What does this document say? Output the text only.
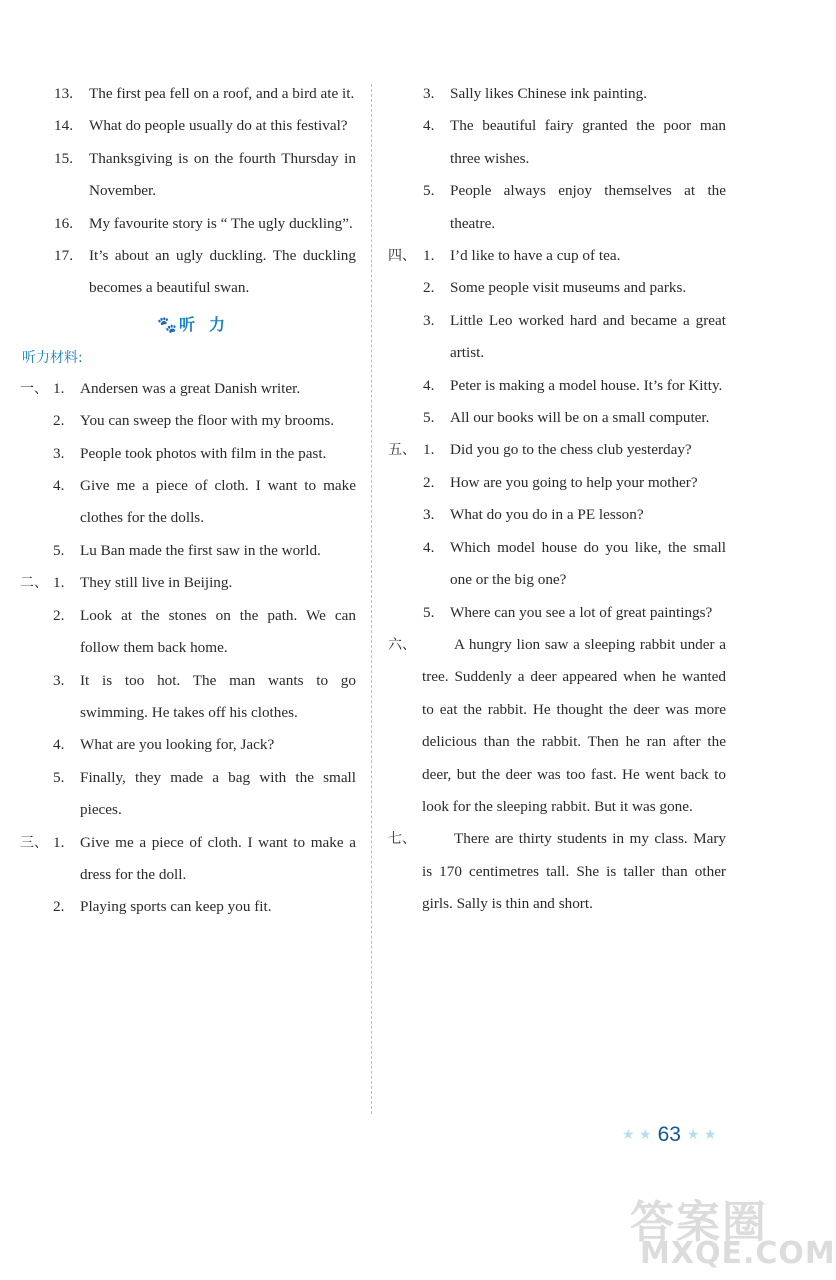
13. The first pea fell on a roof, and a bird ate it.
14. What do people usually do at this festival?
15. Thanksgiving is on the fourth Thursday in November.
16. My favourite story is “ The ugly duckling”.
17. It’s about an ugly duckling. The duckling becomes a beautiful swan.
🐾 听力
听力材料:
一、 1. Andersen was a great Danish writer.
2. You can sweep the floor with my brooms.
3. People took photos with film in the past.
4. Give me a piece of cloth. I want to make clothes for the dolls.
5. Lu Ban made the first saw in the world.
二、 1. They still live in Beijing.
2. Look at the stones on the path. We can follow them back home.
3. It is too hot. The man wants to go swimming. He takes off his clothes.
4. What are you looking for, Jack?
5. Finally, they made a bag with the small pieces.
三、 1. Give me a piece of cloth. I want to make a dress for the doll.
2. Playing sports can keep you fit.
3. Sally likes Chinese ink painting.
4. The beautiful fairy granted the poor man three wishes.
5. People always enjoy themselves at the theatre.
四、 1. I’d like to have a cup of tea.
2. Some people visit museums and parks.
3. Little Leo worked hard and became a great artist.
4. Peter is making a model house. It’s for Kitty.
5. All our books will be on a small computer.
五、 1. Did you go to the chess club yesterday?
2. How are you going to help your mother?
3. What do you do in a PE lesson?
4. Which model house do you like, the small one or the big one?
5. Where can you see a lot of great paintings?
六、	A hungry lion saw a sleeping rabbit under a tree. Suddenly a deer appeared when he wanted to eat the rabbit. He thought the deer was more delicious than the rabbit. Then he ran after the deer, but the deer was too fast. He went back to look for the sleeping rabbit. But it was gone.
七、	There are thirty students in my class. Mary is 170 centimetres tall. She is taller than other girls. Sally is thin and short.
★ ★ 63 ★ ★
答案圈
MXQE.COM
